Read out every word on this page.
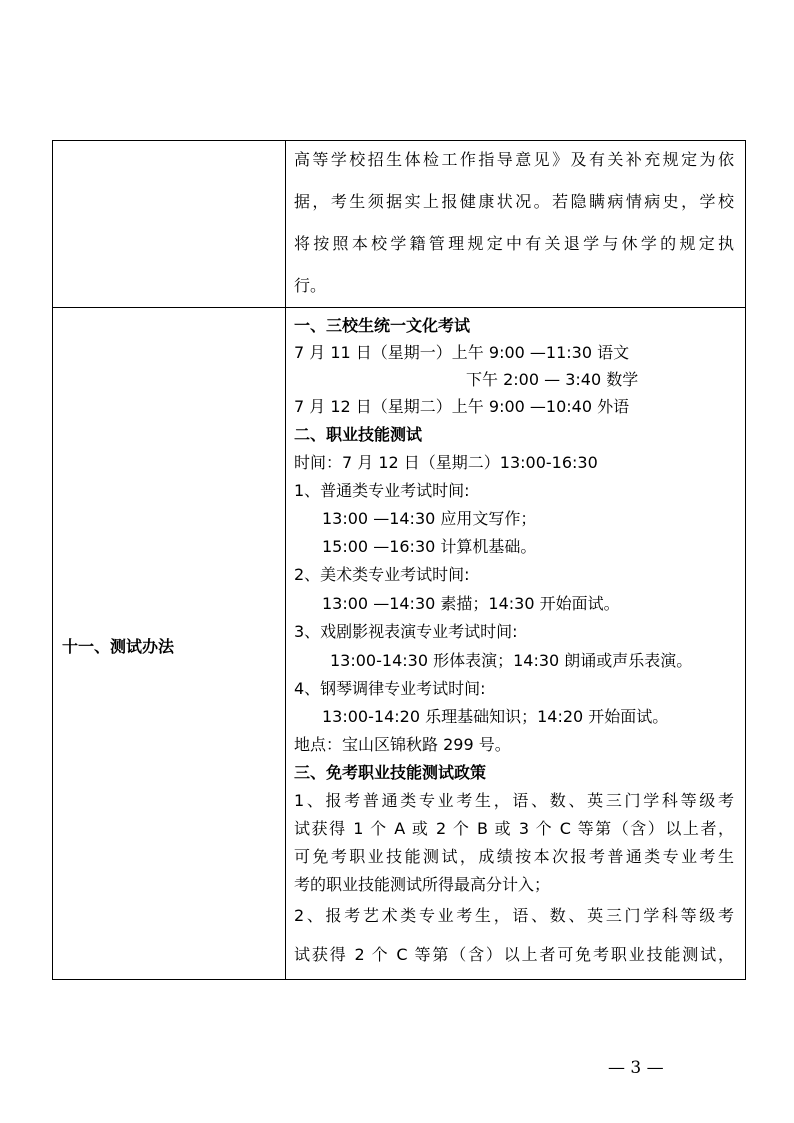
高等学校招生体检工作指导意见》及有关补充规定为依
据，考生须据实上报健康状况。若隐瞒病情病史，学校
将按照本校学籍管理规定中有关退学与休学的规定执
行。
十一、测试办法
一、三校生统一文化考试
7 月 11 日（星期一）上午 9:00 —11:30 语文
下午 2:00 — 3:40 数学
7 月 12 日（星期二）上午 9:00 —10:40 外语
二、职业技能测试
时间：7 月 12 日（星期二）13:00-16:30
1、普通类专业考试时间:
13:00 —14:30 应用文写作；
15:00 —16:30 计算机基础。
2、美术类专业考试时间:
13:00 —14:30 素描；14:30 开始面试。
3、戏剧影视表演专业考试时间:
13:00-14:30 形体表演；14:30 朗诵或声乐表演。
4、钢琴调律专业考试时间:
13:00-14:20 乐理基础知识；14:20 开始面试。
地点：宝山区锦秋路 299 号。
三、免考职业技能测试政策
1、报考普通类专业考生，语、数、英三门学科等级考
试获得 1 个 A 或 2 个 B 或 3 个 C 等第（含）以上者，
可免考职业技能测试，成绩按本次报考普通类专业考生
考的职业技能测试所得最高分计入；
2、报考艺术类专业考生，语、数、英三门学科等级考
试获得 2 个 C 等第（含）以上者可免考职业技能测试，
— 3 —
